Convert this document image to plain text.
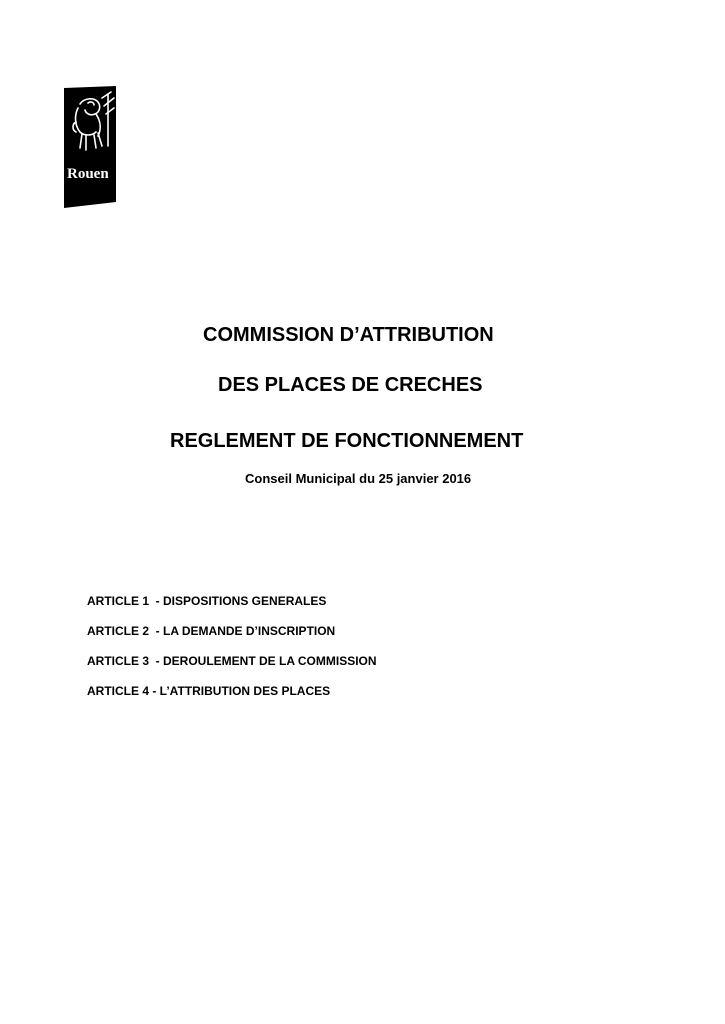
Rouen
COMMISSION D’ATTRIBUTION
DES PLACES DE CRECHES
REGLEMENT DE FONCTIONNEMENT
Conseil Municipal du 25 janvier 2016
ARTICLE 1  - DISPOSITIONS GENERALES
ARTICLE 2  - LA DEMANDE D’INSCRIPTION
ARTICLE 3  - DEROULEMENT DE LA COMMISSION
ARTICLE 4 - L’ATTRIBUTION DES PLACES
